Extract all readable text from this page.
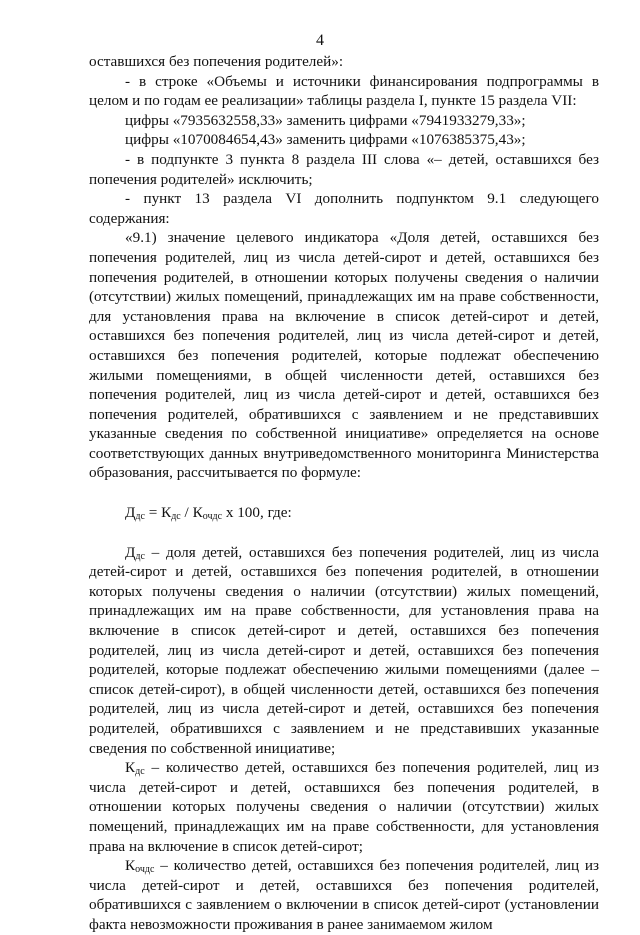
4

оставшихся без попечения родителей»:

- в строке «Объемы и источники финансирования подпрограммы в целом и по годам ее реализации» таблицы раздела I, пункте 15 раздела VII:

цифры «7935632558,33» заменить цифрами «7941933279,33»;

цифры «1070084654,43» заменить цифрами «1076385375,43»;

- в подпункте 3 пункта 8 раздела III слова «– детей, оставшихся без попечения родителей» исключить;

- пункт 13 раздела VI дополнить подпунктом 9.1 следующего содержания:

«9.1) значение целевого индикатора «Доля детей, оставшихся без попечения родителей, лиц из числа детей-сирот и детей, оставшихся без попечения родителей, в отношении которых получены сведения о наличии (отсутствии) жилых помещений, принадлежащих им на праве собственности, для установления права на включение в список детей-сирот и детей, оставшихся без попечения родителей, лиц из числа детей-сирот и детей, оставшихся без попечения родителей, которые подлежат обеспечению жилыми помещениями, в общей численности детей, оставшихся без попечения родителей, лиц из числа детей-сирот и детей, оставшихся без попечения родителей, обратившихся с заявлением и не представивших указанные сведения по собственной инициативе» определяется на основе соответствующих данных внутриведомственного мониторинга Министерства образования, рассчитывается по формуле:

$Д_{дс} = К_{дс} / К_{очдс}$ х 100, где:

$Д_{дс}$ – доля детей, оставшихся без попечения родителей, лиц из числа детей-сирот и детей, оставшихся без попечения родителей, в отношении которых получены сведения о наличии (отсутствии) жилых помещений, принадлежащих им на праве собственности, для установления права на включение в список детей-сирот и детей, оставшихся без попечения родителей, лиц из числа детей-сирот и детей, оставшихся без попечения родителей, которые подлежат обеспечению жилыми помещениями (далее – список детей-сирот), в общей численности детей, оставшихся без попечения родителей, лиц из числа детей-сирот и детей, оставшихся без попечения родителей, обратившихся с заявлением и не представивших указанные сведения по собственной инициативе;

$К_{дс}$ – количество детей, оставшихся без попечения родителей, лиц из числа детей-сирот и детей, оставшихся без попечения родителей, в отношении которых получены сведения о наличии (отсутствии) жилых помещений, принадлежащих им на праве собственности, для установления права на включение в список детей-сирот;

$К_{очдс}$ – количество детей, оставшихся без попечения родителей, лиц из числа детей-сирот и детей, оставшихся без попечения родителей, обратившихся с заявлением о включении в список детей-сирот (установлении факта невозможности проживания в ранее занимаемом жилом
